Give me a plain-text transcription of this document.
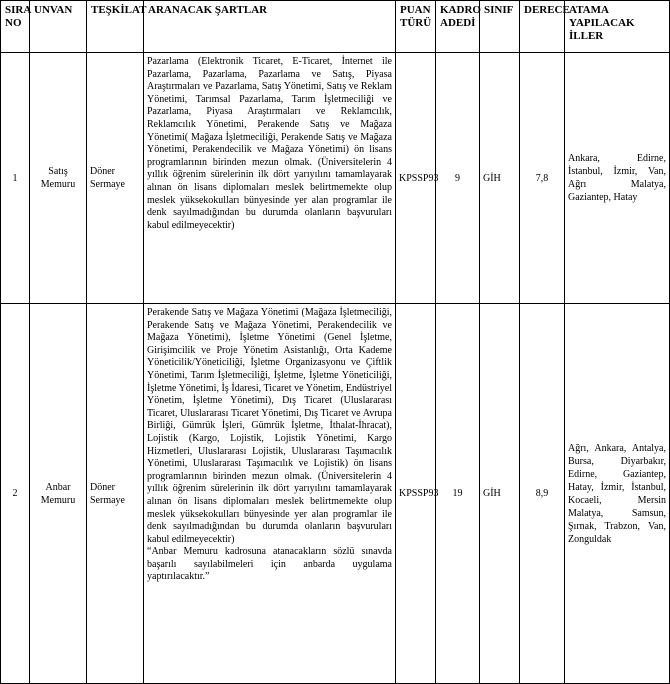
SIRA NO	UNVAN	TEŞKİLAT	ARANACAK ŞARTLAR	PUAN TÜRÜ	KADRO ADEDİ	SINIF	DERECE	ATAMA YAPILACAK İLLER
1	Satış Memuru	Döner Sermaye	Pazarlama (Elektronik Ticaret, E-Ticaret, İnternet ile Pazarlama, Pazarlama, Pazarlama ve Satış, Piyasa Araştırmaları ve Pazarlama, Satış Yönetimi, Satış ve Reklam Yönetimi, Tarımsal Pazarlama, Tarım İşletmeciliği ve Pazarlama, Piyasa Araştırmaları ve Reklamcılık, Reklamcılık Yönetimi, Perakende Satış ve Mağaza Yönetimi( Mağaza İşletmeciliği, Perakende Satış ve Mağaza Yönetimi, Perakendecilik ve Mağaza Yönetimi) ön lisans programlarının birinden mezun olmak. (Üniversitelerin 4 yıllık öğrenim sürelerinin ilk dört yarıyılını tamamlayarak alınan ön lisans diplomaları meslek belirtmemekte olup meslek yüksekokulları bünyesinde yer alan programlar ile denk sayılmadığından bu durumda olanların başvuruları kabul edilmeyecektir)	KPSSP93	9	GİH	7,8	Ankara, Edirne, İstanbul, İzmir, Van, Ağrı Malatya, Gaziantep, Hatay
2	Anbar Memuru	Döner Sermaye	Perakende Satış ve Mağaza Yönetimi (Mağaza İşletmeciliği, Perakende Satış ve Mağaza Yönetimi, Perakendecilik ve Mağaza Yönetimi), İşletme Yönetimi (Genel İşletme, Girişimcilik ve Proje Yönetim Asistanlığı, Orta Kademe Yöneticilik/Yöneticiliği, İşletme Organizasyonu ve Çiftlik Yönetimi, Tarım İşletmeciliği, İşletme, İşletme Yöneticiliği, İşletme Yönetimi, İş İdaresi, Ticaret ve Yönetim, Endüstriyel Yönetim, İşletme Yönetimi), Dış Ticaret (Uluslararası Ticaret, Uluslararası Ticaret Yönetimi, Dış Ticaret ve Avrupa Birliği, Gümrük İşleri, Gümrük İşletme, İthalat-İhracat), Lojistik (Kargo, Lojistik, Lojistik Yönetimi, Kargo Hizmetleri, Uluslararası Lojistik, Uluslararası Taşımacılık Yönetimi, Uluslararası Taşımacılık ve Lojistik) ön lisans programlarının birinden mezun olmak. (Üniversitelerin 4 yıllık öğrenim sürelerinin ilk dört yarıyılını tamamlayarak alınan ön lisans diplomaları meslek belirtmemekte olup meslek yüksekokulları bünyesinde yer alan programlar ile denk sayılmadığından bu durumda olanların başvuruları kabul edilmeyecektir)
“Anbar Memuru kadrosuna atanacakların sözlü sınavda başarılı sayılabilmeleri için anbarda uygulama yaptırılacaktır.”	KPSSP93	19	GİH	8,9	Ağrı, Ankara, Antalya, Bursa, Diyarbakır, Edirne, Gaziantep, Hatay, İzmir, İstanbul, Kocaeli, Mersin Malatya, Samsun, Şırnak, Trabzon, Van, Zonguldak
